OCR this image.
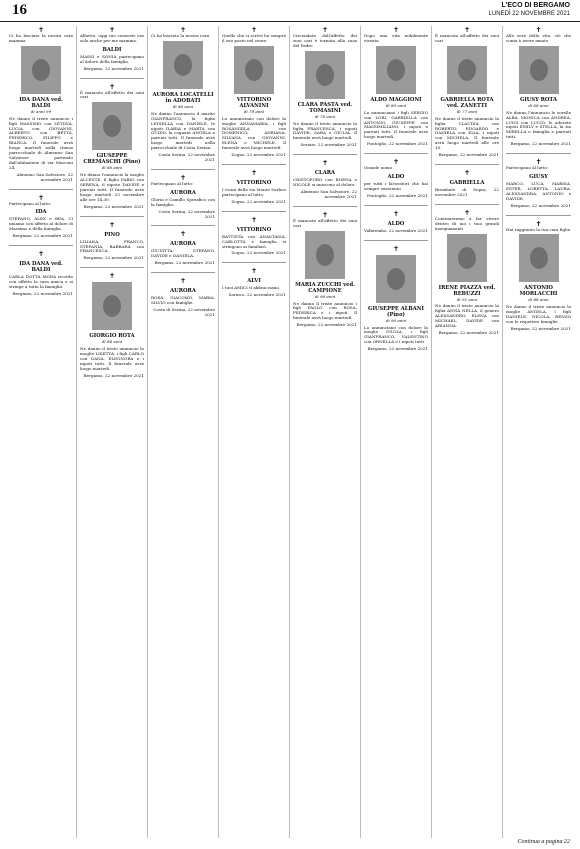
16	L'ECO DI BERGAMO
LUNEDÌ 22 NOVEMBRE 2021
✝
Ci ha lasciato la nostra cara mamma
IDA DANA ved. BALDI
di anni 99
Ne danno il triste annuncio i figli MASSIMO con LETIZIA, LUCIA con GIOVANNI, ALBERTO con BETTA, FEDERICO, FILIPPO e BIANCA. Il funerale avrà luogo martedì nella chiesa parrocchiale di Almenno San Salvatore partendo dall'abitazione di via Marconi 24.
Almenno San Salvatore, 22 novembre 2021
✝
Partecipano al lutto:
IDA
STEFANO, ALEX e BEA. Ci uniamo con affetto al dolore di Massimo e della famiglia.
Bergamo, 22 novembre 2021
✝
IDA DANA ved. BALDI
CARLA DOTTA MORA ricorda con affetto la cara amica e si stringe a tutta la famiglia.
Bergamo, 22 novembre 2021
✝
Alberto, oggi tuo consorte era solo anche per me mamma.
BALDI
MASSI e SONIA partecipano al dolore della famiglia.
Bergamo, 22 novembre 2021
✝
È mancato all'affetto dei suoi cari
GIUSEPPE CREMASCHI (Pino)
di 86 anni
Ne danno l'annuncio la moglie ALCESTE, il figlio FABIO con SERENA, il nipote DAVIDE e parenti tutti. Il funerale avrà luogo martedì 23 novembre alle ore 14.30.
Bergamo, 22 novembre 2021
✝
PINO
LILIANA, FRANCO, STEFANIA, BARBARA con FRANCESCA.
Bergamo, 22 novembre 2021
✝
GIORGIO ROTA
di 84 anni
Ne danno il triste annuncio la moglie LISETTA, i figli CARLO con DANA, ELEONORA e i nipoti tutti. Il funerale avrà luogo martedì.
Bergamo, 22 novembre 2021
✝
Ci ha lasciato la nostra cara
AURORA LOCATELLI in ADOBATI
di 86 anni
Ne danno l'annuncio il marito GIANFRANCO, la figlia LEDIELLA con DANIELE, le nipoti ILARIA e MARTA con GUIDO, la cognata ANGELA e parenti tutti. Il funerale avrà luogo martedì nella parrocchiale di Costa Serina.
Costa Serina, 22 novembre 2021
✝
Partecipano al lutto:
AURORA
Gloria e Camillo Spreafico con la famiglia.
Costa Serina, 22 novembre 2021
✝
AURORA
GIUDITTA, STEFANO, DAVIDE e DANIELA.
Bergamo, 22 novembre 2021
✝
AURORA
ROSA, GIACOMO, MARIA, SILVIO con famiglie.
Costa di Serina, 22 novembre 2021
✝
Quello che ci scrive ha sempre il suo posto nel cuore.
VITTORINO ALVANINI
di 78 anni
Lo annunciano con dolore la moglie ANNAMARIA, i figli ROSANGELA con DOMENICO, ADRIANA, SILVANA con GIOVANNI, ELENA e MICHELE. Il funerale avrà luogo martedì.
Zogno, 22 novembre 2021
✝
VITTORINO
I vicini della via Monte Sorbeo partecipano al lutto.
Zogno, 22 novembre 2021
✝
VITTORINO
BATTISTA con ANASTASIA, CARLOTTA e famiglia si stringono ai familiari.
Zogno, 22 novembre 2021
✝
ALVI
I tuoi AMICI ti abbracciano.
Sarnico, 22 novembre 2021
✝
Circondata dall'affetto dei suoi cari è tornata alla casa del Padre
CLARA PASTA ved. TOMASINI
di 78 anni
Ne danno il triste annuncio la figlia FRANCESCA, i nipoti DAVIDE, SARA e GIULIA. Il funerale avrà luogo martedì.
Seriate, 22 novembre 2021
✝
CLARA
CRISTOFORO con BOENA e NICOLE si uniscono al dolore.
Almenno San Salvatore, 22 novembre 2021
✝
È mancata all'affetto dei suoi cari
MARIA ZUCCHI ved. CAMPIONE
di 96 anni
Ne danno il triste annuncio i figli PAOLO con ROSA, FEDERICA e i nipoti. Il funerale avrà luogo martedì.
Bergamo, 22 novembre 2021
✝
Dopo una vita nobilmente vissuta
ALDO MAGGIONI
di 89 anni
Lo annunciano i figli SERGIO con LORI, GABRIELLA con ANTONIO, GIUSEPPE con MASSIMILIANO, i nipoti e parenti tutti. Il funerale avrà luogo martedì.
Pontoglio, 22 novembre 2021
✝
Grande uomo
ALDO
per tutti i lavoratori che hai sempre sostenuto.
Pontoglio, 22 novembre 2021
✝
ALDO
Valbrembo, 22 novembre 2021
✝
GIUSEPPE ALBANI (Pino)
di 90 anni
Lo annunciano con dolore la moglie GIULIA, i figli GIANFRANCO, VALENTINO con ORNELLA e i nipoti tutti.
Bergamo, 22 novembre 2021
✝
È mancata all'affetto dei suoi cari
GABRIELLA ROTA ved. ZANETTI
di 77 anni
Ne danno il triste annuncio la figlia CLAUDIA con ROBERTO, EDOARDO e DANIELA con ELIA, i nipoti con MICHELA. Il funerale avrà luogo martedì alle ore 10.
Bergamo, 22 novembre 2021
✝
GABRIELLA
Brembate di Sopra, 22 novembre 2021
✝
Continueremo a far vivere dentro di noi i tuoi grandi insegnamenti
IRENE PIAZZA ved. REBUZZI
di 92 anni
Ne danno il triste annuncio la figlia ANNA NELLA, il genero ALESSANDRO, ELENA con MICHAEL, DAVIDE con ARIANNA.
Bergamo, 22 novembre 2021
✝
Alle sere della vita, ciò che conta è avere amato
GIUSY ROTA
di 68 anni
Ne danno l'annuncio le sorelle ALBA, MONICA con ANDREA, LUIGI con LUCIO, le adorate nipoti EMILY e STELLA, la zia MIRELLA e famiglia e parenti tutti.
Bergamo, 22 novembre 2021
✝
Partecipano al lutto:
GIUSY
MARCO, LUCA, MARISA, ESTER, LORETTA, LAURA, ALESSANDRA, ANTONIO e DAVIDE.
Bergamo, 22 novembre 2021
✝
Hai raggiunto la tua cara figlia
ANTONIO MORLACCHI
di 88 anni
Ne danno il triste annuncio la moglie ANGELA, i figli DANIELE, NICOLA, RENZO con le rispettive famiglie.
Bergamo, 22 novembre 2021
Continua a pagina 22
